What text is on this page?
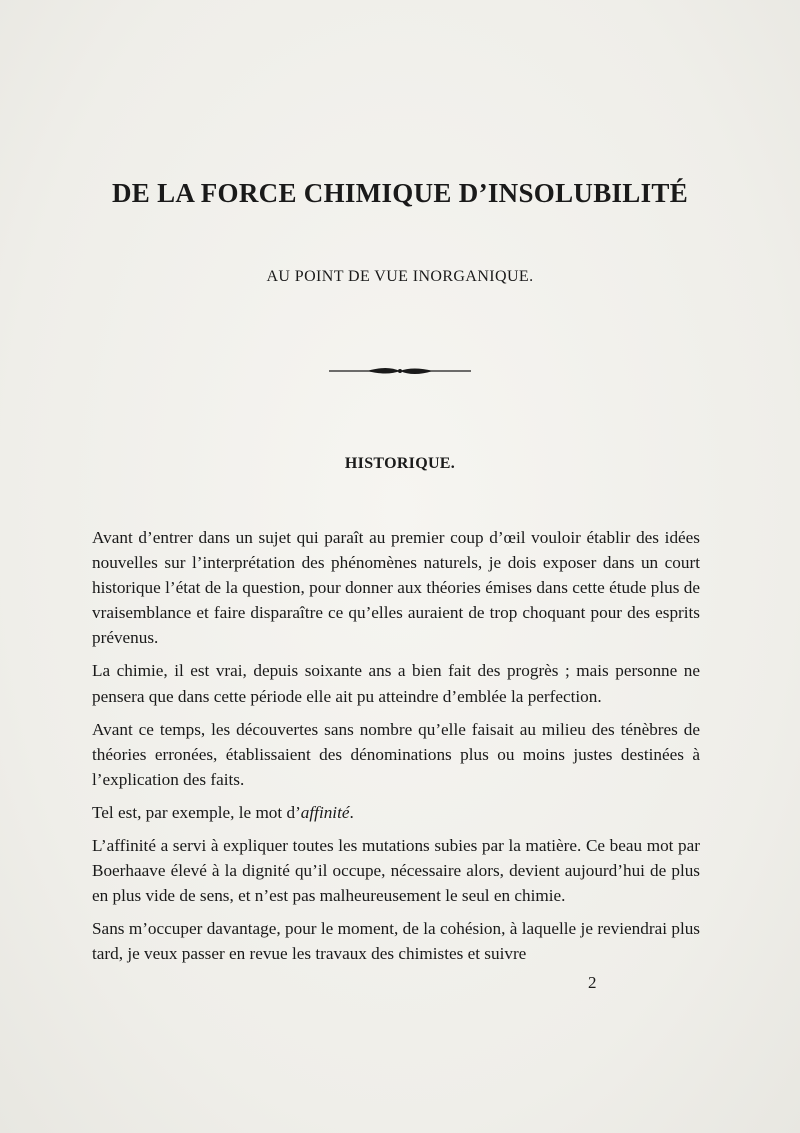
DE LA FORCE CHIMIQUE D’INSOLUBILITÉ
AU POINT DE VUE INORGANIQUE.
HISTORIQUE.

Avant d’entrer dans un sujet qui paraît au premier coup d’œil vouloir établir des idées nouvelles sur l’interprétation des phénomènes naturels, je dois exposer dans un court historique l’état de la question, pour donner aux théories émises dans cette étude plus de vraisemblance et faire disparaître ce qu’elles auraient de trop choquant pour des esprits prévenus.

La chimie, il est vrai, depuis soixante ans a bien fait des progrès ; mais personne ne pensera que dans cette période elle ait pu atteindre d’emblée la perfection.

Avant ce temps, les découvertes sans nombre qu’elle faisait au milieu des ténèbres de théories erronées, établissaient des dénominations plus ou moins justes destinées à l’explication des faits.

Tel est, par exemple, le mot d’affinité.

L’affinité a servi à expliquer toutes les mutations subies par la matière. Ce beau mot par Boerhaave élevé à la dignité qu’il occupe, nécessaire alors, devient aujourd’hui de plus en plus vide de sens, et n’est pas malheureusement le seul en chimie.

Sans m’occuper davantage, pour le moment, de la cohésion, à laquelle je reviendrai plus tard, je veux passer en revue les travaux des chimistes et suivre

2
